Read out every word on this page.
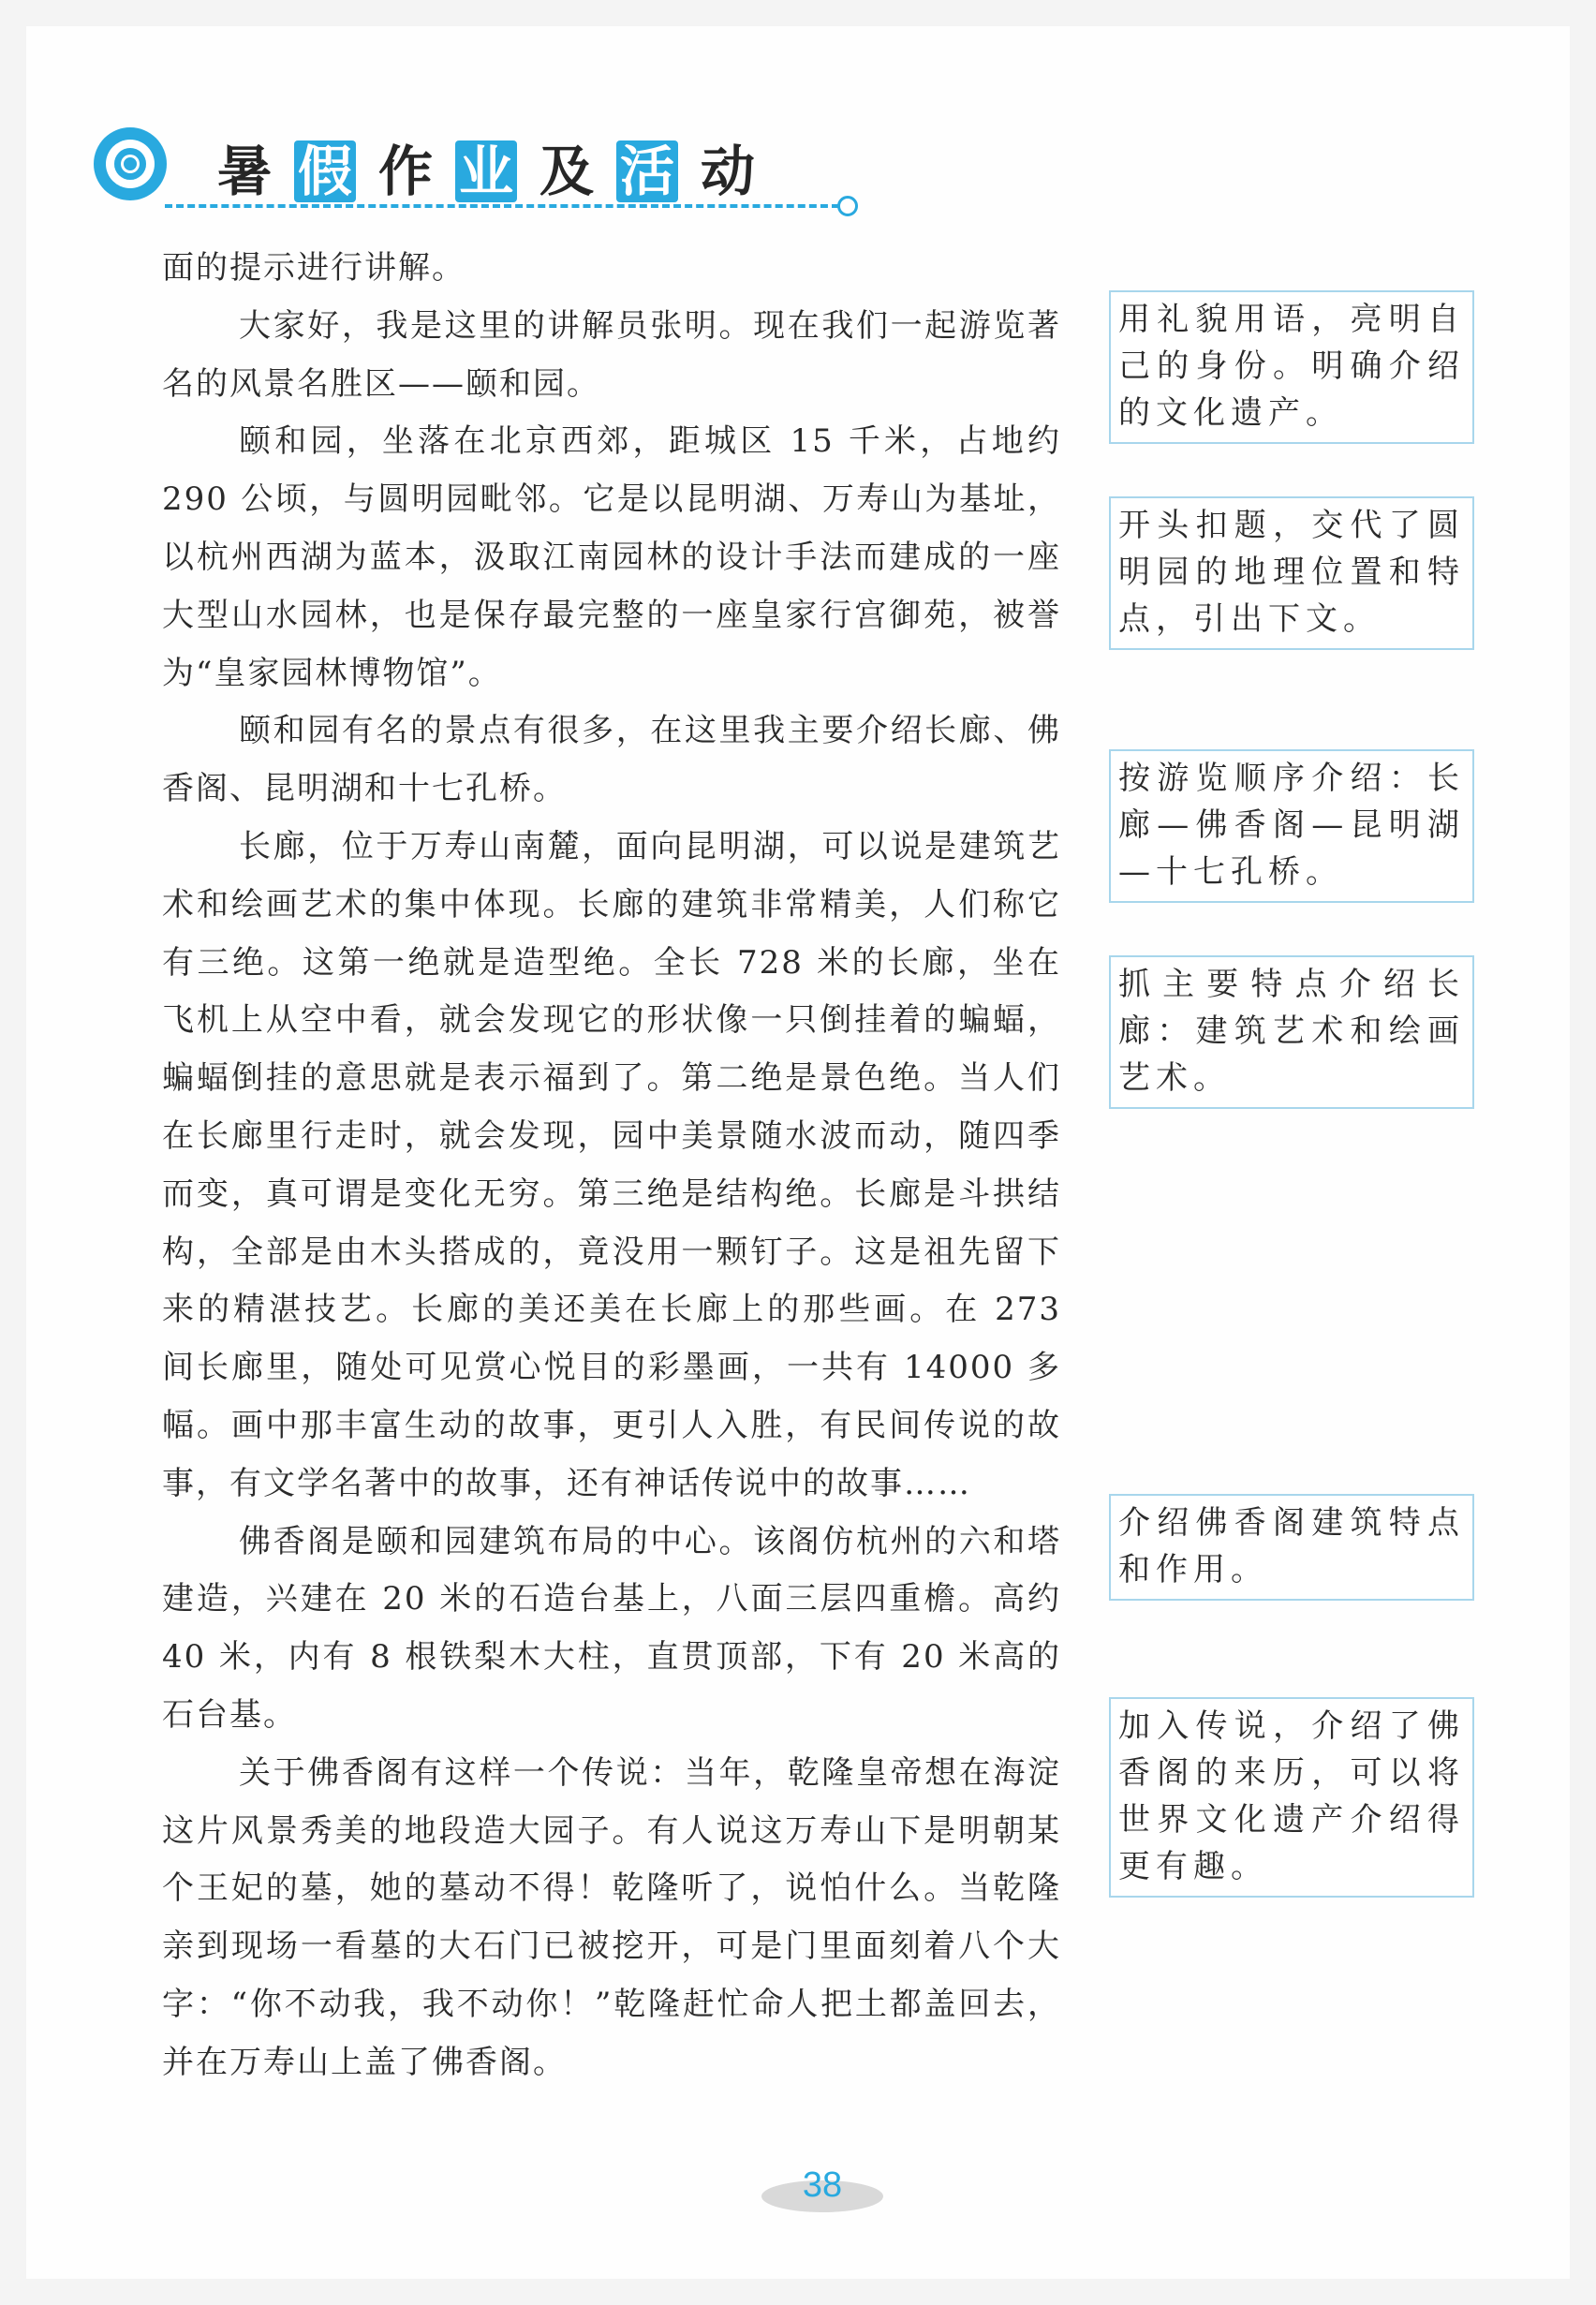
暑 假 作 业 及 活 动

面的提示进行讲解。

大家好，我是这里的讲解员张明。现在我们一起游览著名的风景名胜区——颐和园。

颐和园，坐落在北京西郊，距城区 15 千米，占地约 290 公顷，与圆明园毗邻。它是以昆明湖、万寿山为基址，以杭州西湖为蓝本，汲取江南园林的设计手法而建成的一座大型山水园林，也是保存最完整的一座皇家行宫御苑，被誉为“皇家园林博物馆”。

颐和园有名的景点有很多，在这里我主要介绍长廊、佛香阁、昆明湖和十七孔桥。

长廊，位于万寿山南麓，面向昆明湖，可以说是建筑艺术和绘画艺术的集中体现。长廊的建筑非常精美，人们称它有三绝。这第一绝就是造型绝。全长 728 米的长廊，坐在飞机上从空中看，就会发现它的形状像一只倒挂着的蝙蝠，蝙蝠倒挂的意思就是表示福到了。第二绝是景色绝。当人们在长廊里行走时，就会发现，园中美景随水波而动，随四季而变，真可谓是变化无穷。第三绝是结构绝。长廊是斗拱结构，全部是由木头搭成的，竟没用一颗钉子。这是祖先留下来的精湛技艺。长廊的美还美在长廊上的那些画。在 273 间长廊里，随处可见赏心悦目的彩墨画，一共有 14000 多幅。画中那丰富生动的故事，更引人入胜，有民间传说的故事，有文学名著中的故事，还有神话传说中的故事……

佛香阁是颐和园建筑布局的中心。该阁仿杭州的六和塔建造，兴建在 20 米的石造台基上，八面三层四重檐。高约 40 米，内有 8 根铁梨木大柱，直贯顶部，下有 20 米高的石台基。

关于佛香阁有这样一个传说：当年，乾隆皇帝想在海淀这片风景秀美的地段造大园子。有人说这万寿山下是明朝某个王妃的墓，她的墓动不得！乾隆听了，说怕什么。当乾隆亲到现场一看墓的大石门已被挖开，可是门里面刻着八个大字：“你不动我，我不动你！”乾隆赶忙命人把土都盖回去，并在万寿山上盖了佛香阁。

用礼貌用语，亮明自己的身份。明确介绍的文化遗产。
开头扣题，交代了圆明园的地理位置和特点，引出下文。
按游览顺序介绍：长廊—佛香阁—昆明湖—十七孔桥。
抓主要特点介绍长廊：建筑艺术和绘画艺术。
介绍佛香阁建筑特点和作用。
加入传说，介绍了佛香阁的来历，可以将世界文化遗产介绍得更有趣。
38
